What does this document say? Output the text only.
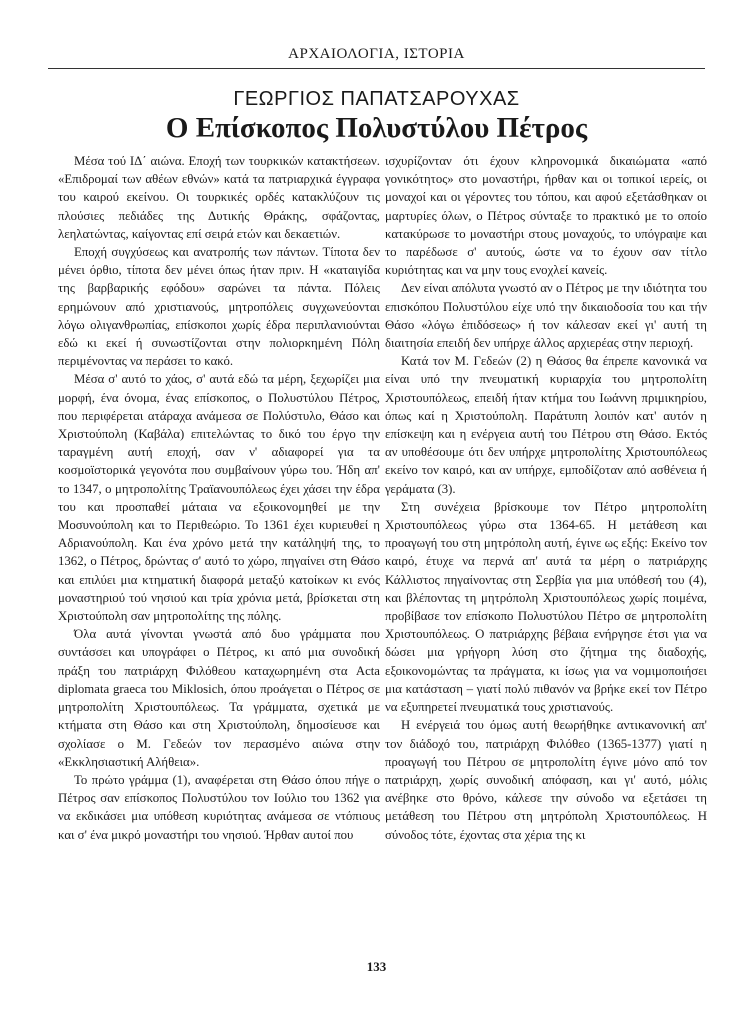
ΑΡΧΑΙΟΛΟΓΙΑ, ΙΣΤΟΡΙΑ
ΓΕΩΡΓΙΟΣ ΠΑΠΑΤΣΑΡΟΥΧΑΣ
Ο Επίσκοπος Πολυστύλου Πέτρος

Μέσα τού ΙΔ΄ αιώνα. Εποχή των τουρκικών κατακτήσεων. «Επιδρομαί των αθέων εθνών» κατά τα πατριαρχικά έγγραφα του καιρού εκείνου. Οι τουρκικές ορδές κατακλύζουν τις πλούσιες πεδιάδες της Δυτικής Θράκης, σφάζοντας, λεηλατώντας, καίγοντας επί σειρά ετών και δεκαετιών.

Εποχή συγχύσεως και ανατροπής των πάντων. Τίποτα δεν μένει όρθιο, τίποτα δεν μένει όπως ήταν πριν. Η «καταιγίδα της βαρβαρικής εφόδου» σαρώνει τα πάντα. Πόλεις ερημώνουν από χριστιανούς, μητροπόλεις συγχωνεύονται λόγω ολιγανθρωπίας, επίσκοποι χωρίς έδρα περιπλανιούνται εδώ κι εκεί ή συνωστίζονται στην πολιορκημένη Πόλη περιμένοντας να περάσει το κακό.

Μέσα σ' αυτό το χάος, σ' αυτά εδώ τα μέρη, ξεχωρίζει μια μορφή, ένα όνομα, ένας επίσκοπος, ο Πολυστύλου Πέτρος, που περιφέρεται ατάραχα ανάμεσα σε Πολύστυλο, Θάσο και Χριστούπολη (Καβάλα) επιτελώντας το δικό του έργο την ταραγμένη αυτή εποχή, σαν ν' αδιαφορεί για τα κοσμοϊστορικά γεγονότα που συμβαίνουν γύρω του. Ήδη απ' το 1347, ο μητροπολίτης Τραϊανουπόλεως έχει χάσει την έδρα του και προσπαθεί μάταια να εξοικονομηθεί με την Μοσυνούπολη και το Περιθεώριο. Το 1361 έχει κυριευθεί η Αδριανούπολη. Και ένα χρόνο μετά την κατάληψή της, το 1362, ο Πέτρος, δρώντας σ' αυτό το χώρο, πηγαίνει στη Θάσο και επιλύει μια κτηματική διαφορά μεταξύ κατοίκων κι ενός μοναστηριού τού νησιού και τρία χρόνια μετά, βρίσκεται στη Χριστούπολη σαν μητροπολίτης της πόλης.

Όλα αυτά γίνονται γνωστά από δυο γράμματα που συντάσσει και υπογράφει ο Πέτρος, κι από μια συνοδική πράξη του πατριάρχη Φιλόθεου καταχωρημένη στα Acta diplomata graeca του Miklosich, όπου προάγεται ο Πέτρος σε μητροπολίτη Χριστουπόλεως. Τα γράμματα, σχετικά με κτήματα στη Θάσο και στη Χριστούπολη, δημοσίευσε και σχολίασε ο Μ. Γεδεών τον περασμένο αιώνα στην «Εκκλησιαστική Αλήθεια».

Το πρώτο γράμμα (1), αναφέρεται στη Θάσο όπου πήγε ο Πέτρος σαν επίσκοπος Πολυστύλου τον Ιούλιο του 1362 για να εκδικάσει μια υπόθεση κυριότητας ανάμεσα σε ντόπιους και σ' ένα μικρό μοναστήρι του νησιού. Ήρθαν αυτοί που

ισχυρίζονταν ότι έχουν κληρονομικά δικαιώματα «από γονικότητος» στο μοναστήρι, ήρθαν και οι τοπικοί ιερείς, οι μοναχοί και οι γέροντες του τόπου, και αφού εξετάσθηκαν οι μαρτυρίες όλων, ο Πέτρος σύνταξε το πρακτικό με το οποίο κατακύρωσε το μοναστήρι στους μοναχούς, το υπόγραψε και το παρέδωσε σ' αυτούς, ώστε να το έχουν σαν τίτλο κυριότητας και να μην τους ενοχλεί κανείς.

Δεν είναι απόλυτα γνωστό αν ο Πέτρος με την ιδιότητα του επισκόπου Πολυστύλου είχε υπό την δικαιοδοσία του και τήν Θάσο «λόγω ἐπιδόσεως» ή τον κάλεσαν εκεί γι' αυτή τη διαιτησία επειδή δεν υπήρχε άλλος αρχιερέας στην περιοχή.

Κατά τον Μ. Γεδεών (2) η Θάσος θα έπρεπε κανονικά να είναι υπό την πνευματική κυριαρχία του μητροπολίτη Χριστουπόλεως, επειδή ήταν κτήμα του Ιωάννη πριμικηρίου, όπως καί η Χριστούπολη. Παράτυπη λοιπόν κατ' αυτόν η επίσκεψη και η ενέργεια αυτή του Πέτρου στη Θάσο. Εκτός αν υποθέσουμε ότι δεν υπήρχε μητροπολίτης Χριστουπόλεως εκείνο τον καιρό, και αν υπήρχε, εμποδίζοταν από ασθένεια ή γεράματα (3).

Στη συνέχεια βρίσκουμε τον Πέτρο μητροπολίτη Χριστουπόλεως γύρω στα 1364-65. Η μετάθεση και προαγωγή του στη μητρόπολη αυτή, έγινε ως εξής: Εκείνο τον καιρό, έτυχε να περνά απ' αυτά τα μέρη ο πατριάρχης Κάλλιστος πηγαίνοντας στη Σερβία για μια υπόθεσή του (4), και βλέποντας τη μητρόπολη Χριστουπόλεως χωρίς ποιμένα, προβίβασε τον επίσκοπο Πολυστύλου Πέτρο σε μητροπολίτη Χριστουπόλεως. Ο πατριάρχης βέβαια ενήργησε έτσι για να δώσει μια γρήγορη λύση στο ζήτημα της διαδοχής, εξοικονομώντας τα πράγματα, κι ίσως για να νομιμοποιήσει μια κατάσταση – γιατί πολύ πιθανόν να βρήκε εκεί τον Πέτρο να εξυπηρετεί πνευματικά τους χριστιανούς.

Η ενέργειά του όμως αυτή θεωρήθηκε αντικανονική απ' τον διάδοχό του, πατριάρχη Φιλόθεο (1365-1377) γιατί η προαγωγή του Πέτρου σε μητροπολίτη έγινε μόνο από τον πατριάρχη, χωρίς συνοδική απόφαση, και γι' αυτό, μόλις ανέβηκε στο θρόνο, κάλεσε την σύνοδο να εξετάσει τη μετάθεση του Πέτρου στη μητρόπολη Χριστουπόλεως. Η σύνοδος τότε, έχοντας στα χέρια της κι

133
